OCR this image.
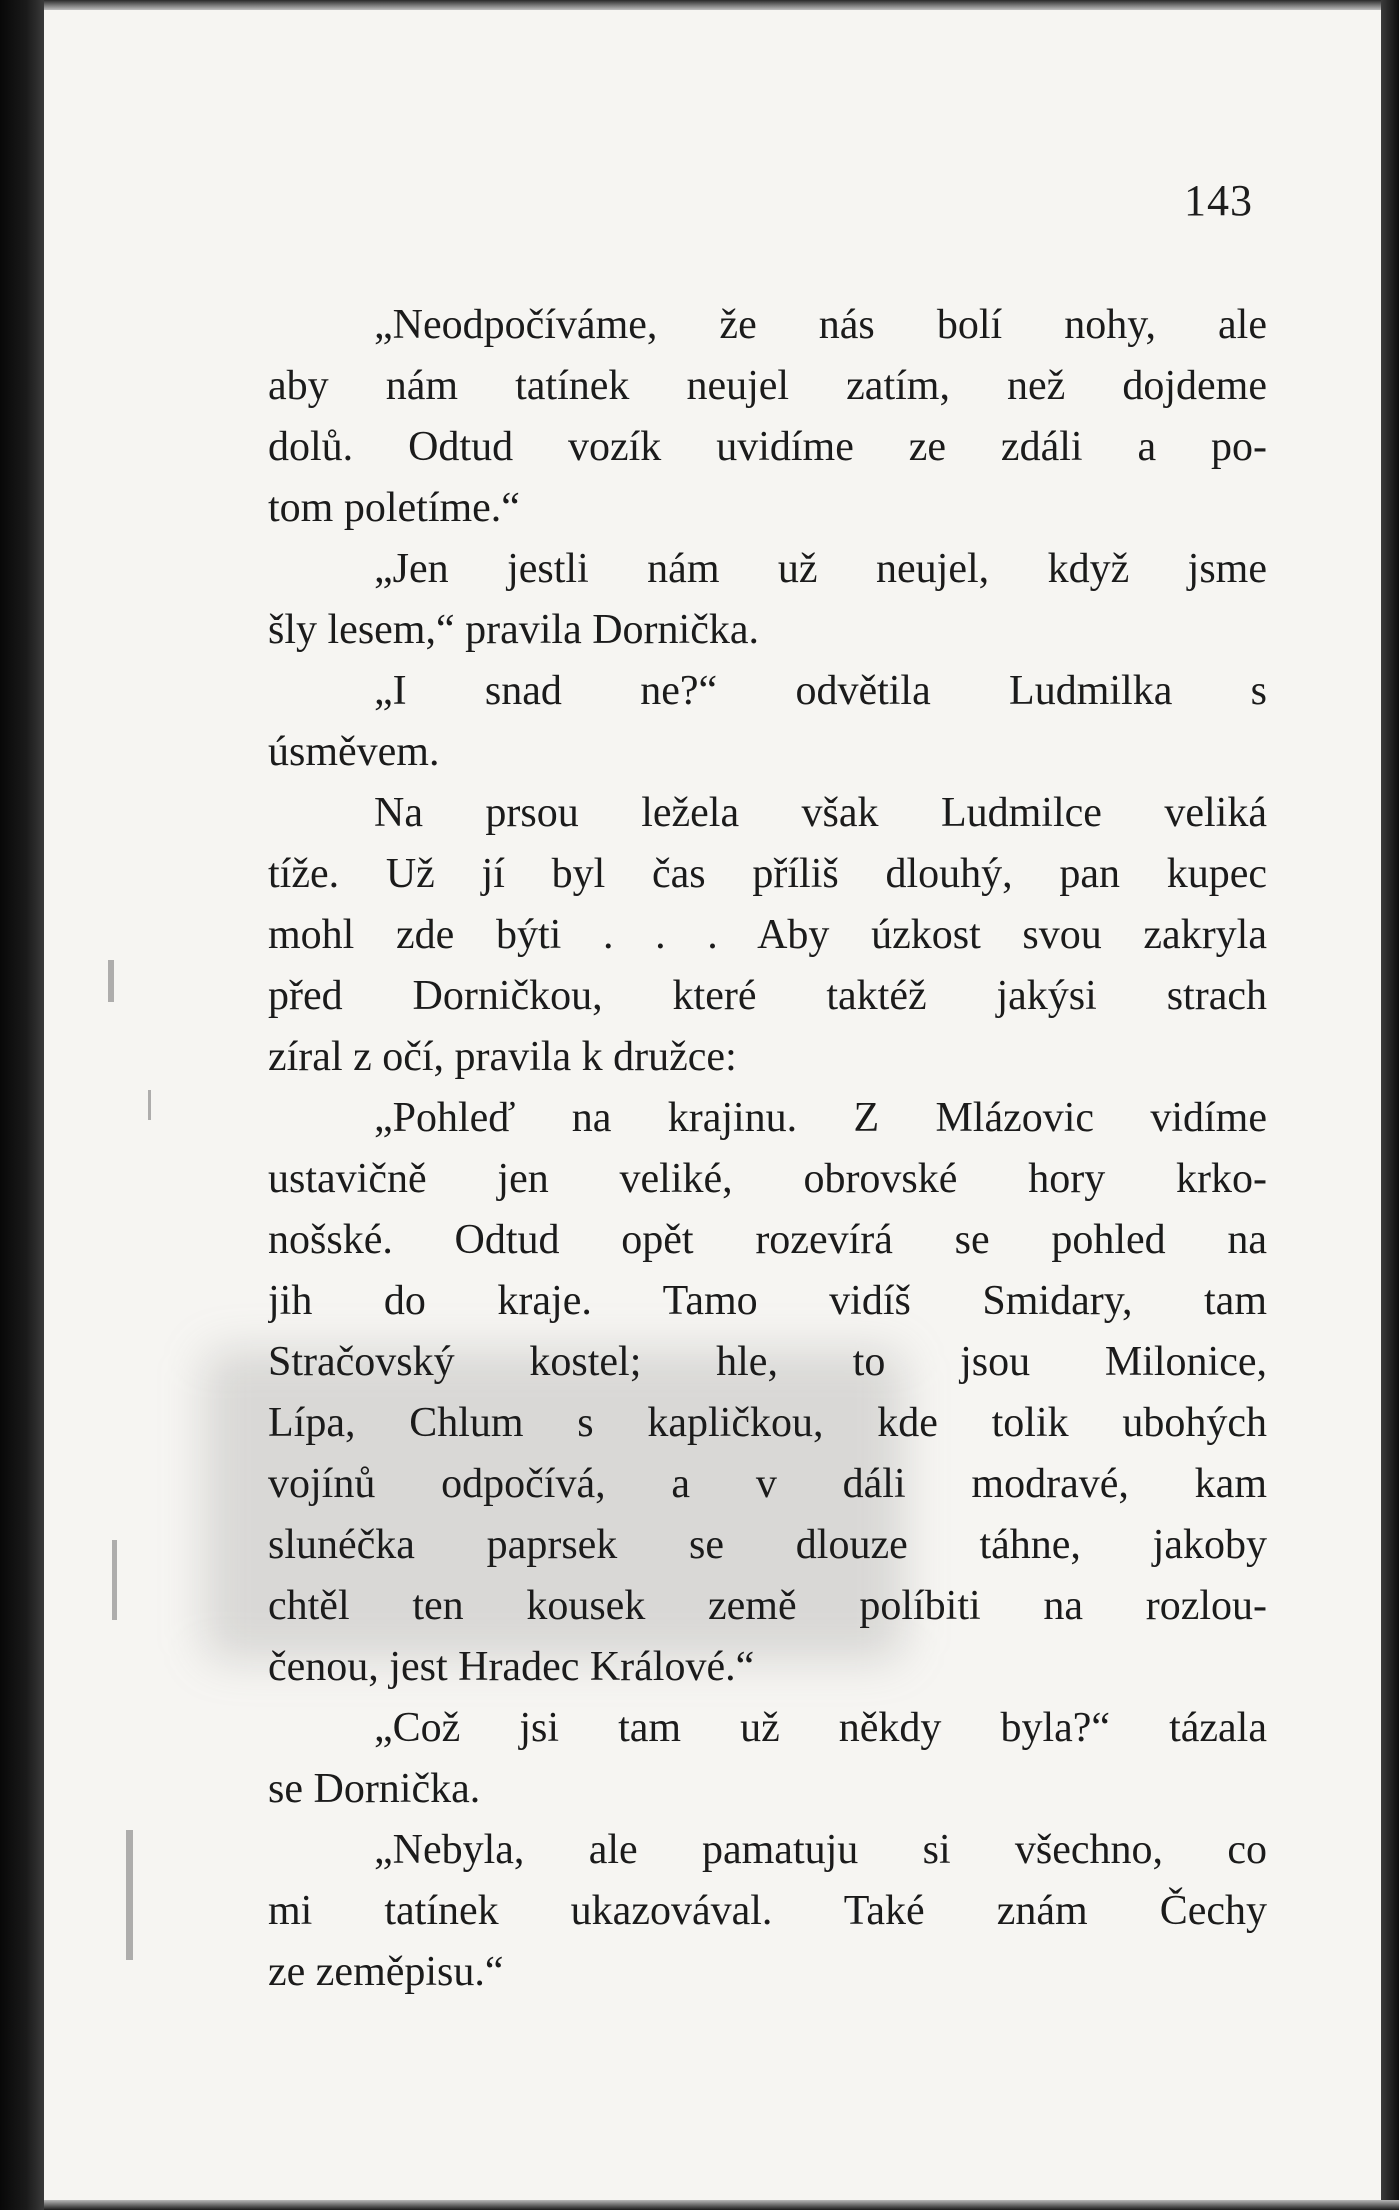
143
„Neodpočíváme, že nás bolí nohy, ale
aby nám tatínek neujel zatím, než dojdeme
dolů. Odtud vozík uvidíme ze zdáli a po-
tom poletíme.“
„Jen jestli nám už neujel, když jsme
šly lesem,“ pravila Dornička.
„I snad ne?“ odvětila Ludmilka s
úsměvem.
Na prsou ležela však Ludmilce veliká
tíže. Už jí byl čas příliš dlouhý, pan kupec
mohl zde býti . . . Aby úzkost svou zakryla
před Dorničkou, které taktéž jakýsi strach
zíral z očí, pravila k družce:
„Pohleď na krajinu. Z Mlázovic vidíme
ustavičně jen veliké, obrovské hory krko-
nošské. Odtud opět rozevírá se pohled na
jih do kraje. Tamo vidíš Smidary, tam
Stračovský kostel; hle, to jsou Milonice,
Lípa, Chlum s kapličkou, kde tolik ubohých
vojínů odpočívá, a v dáli modravé, kam
slunéčka paprsek se dlouze táhne, jakoby
chtěl ten kousek země políbiti na rozlou-
čenou, jest Hradec Králové.“
„Což jsi tam už někdy byla?“ tázala
se Dornička.
„Nebyla, ale pamatuju si všechno, co
mi tatínek ukazovával. Také znám Čechy
ze zeměpisu.“
